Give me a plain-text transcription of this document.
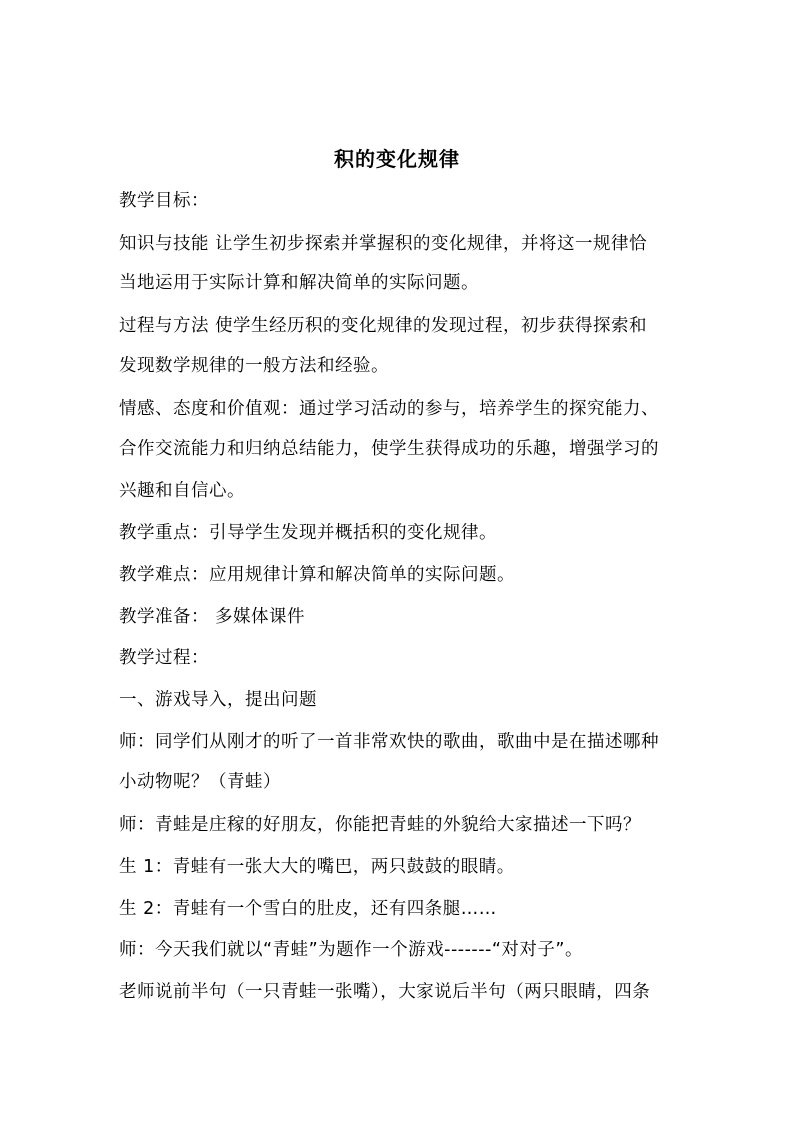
积的变化规律
教学目标：
知识与技能 让学生初步探索并掌握积的变化规律，并将这一规律恰
当地运用于实际计算和解决简单的实际问题。
过程与方法 使学生经历积的变化规律的发现过程，初步获得探索和
发现数学规律的一般方法和经验。
情感、态度和价值观：通过学习活动的参与，培养学生的探究能力、
合作交流能力和归纳总结能力，使学生获得成功的乐趣，增强学习的
兴趣和自信心。
教学重点：引导学生发现并概括积的变化规律。
教学难点：应用规律计算和解决简单的实际问题。
教学准备： 多媒体课件
教学过程：
一、游戏导入，提出问题
师：同学们从刚才的听了一首非常欢快的歌曲，歌曲中是在描述哪种
小动物呢？（青蛙）
师：青蛙是庄稼的好朋友，你能把青蛙的外貌给大家描述一下吗？
生 1：青蛙有一张大大的嘴巴，两只鼓鼓的眼睛。
生 2：青蛙有一个雪白的肚皮，还有四条腿……
师：今天我们就以“青蛙”为题作一个游戏-------“对对子”。
老师说前半句（一只青蛙一张嘴），大家说后半句（两只眼睛，四条
